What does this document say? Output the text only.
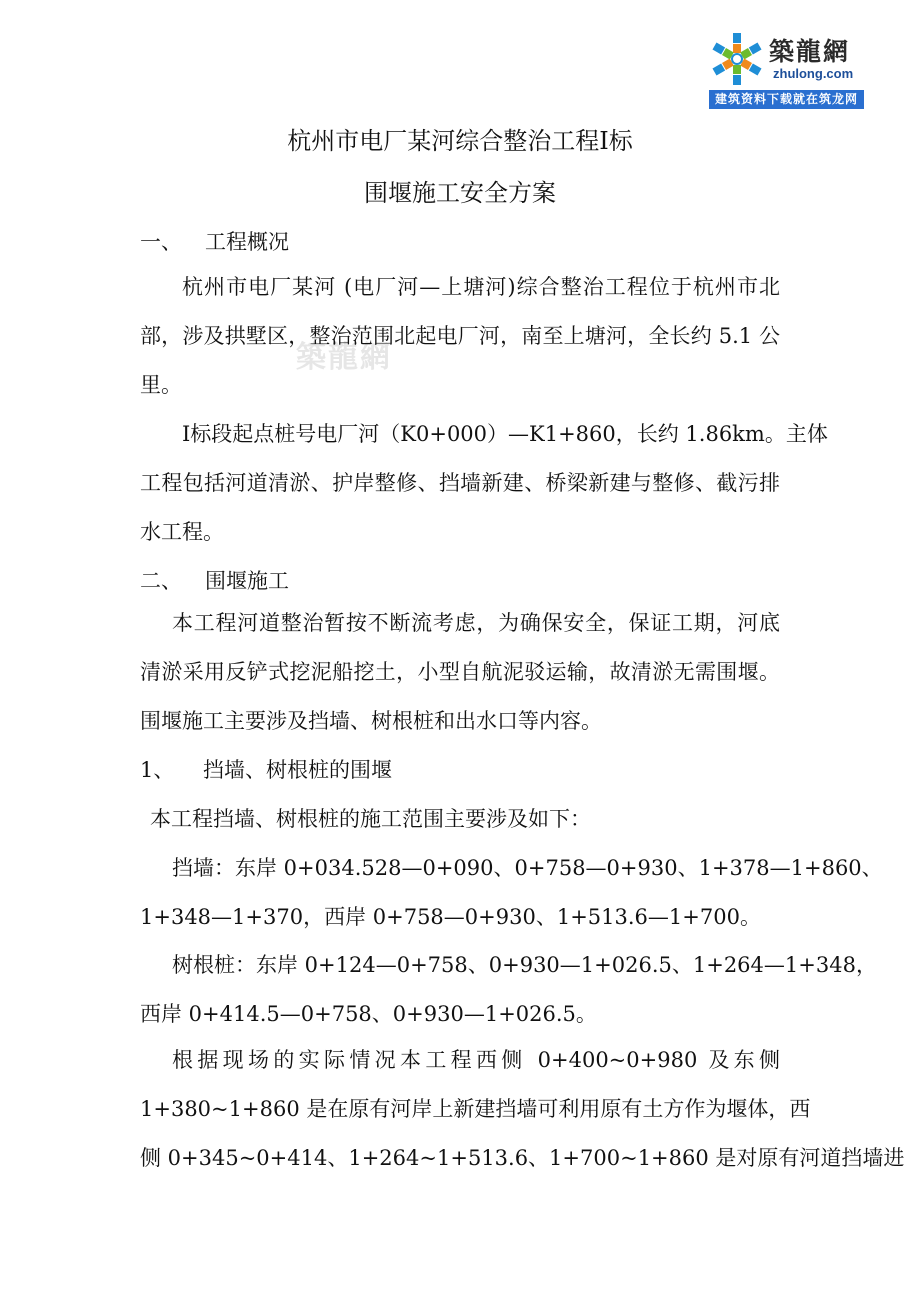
築龍網
zhulong.com
建筑资料下载就在筑龙网
築龍網
杭州市电厂某河综合整治工程Ⅰ标
围堰施工安全方案
一、 工程概况
杭州市电厂某河 (电厂河—上塘河)综合整治工程位于杭州市北
部，涉及拱墅区，整治范围北起电厂河，南至上塘河，全长约 5.1 公
里。
Ⅰ标段起点桩号电厂河（K0+000）—K1+860，长约 1.86km。主体
工程包括河道清淤、护岸整修、挡墙新建、桥梁新建与整修、截污排
水工程。
二、 围堰施工
本工程河道整治暂按不断流考虑，为确保安全，保证工期，河底
清淤采用反铲式挖泥船挖土，小型自航泥驳运输，故清淤无需围堰。
围堰施工主要涉及挡墙、树根桩和出水口等内容。
1、 挡墙、树根桩的围堰
本工程挡墙、树根桩的施工范围主要涉及如下：
挡墙：东岸 0+034.528—0+090、0+758—0+930、1+378—1+860、
1+348—1+370，西岸 0+758—0+930、1+513.6—1+700。
树根桩：东岸 0+124—0+758、0+930—1+026.5、1+264—1+348，
西岸 0+414.5—0+758、0+930—1+026.5。
根据现场的实际情况本工程西侧 0+400~0+980 及东侧
1+380~1+860 是在原有河岸上新建挡墙可利用原有土方作为堰体，西
侧 0+345~0+414、1+264~1+513.6、1+700~1+860 是对原有河道挡墙进
